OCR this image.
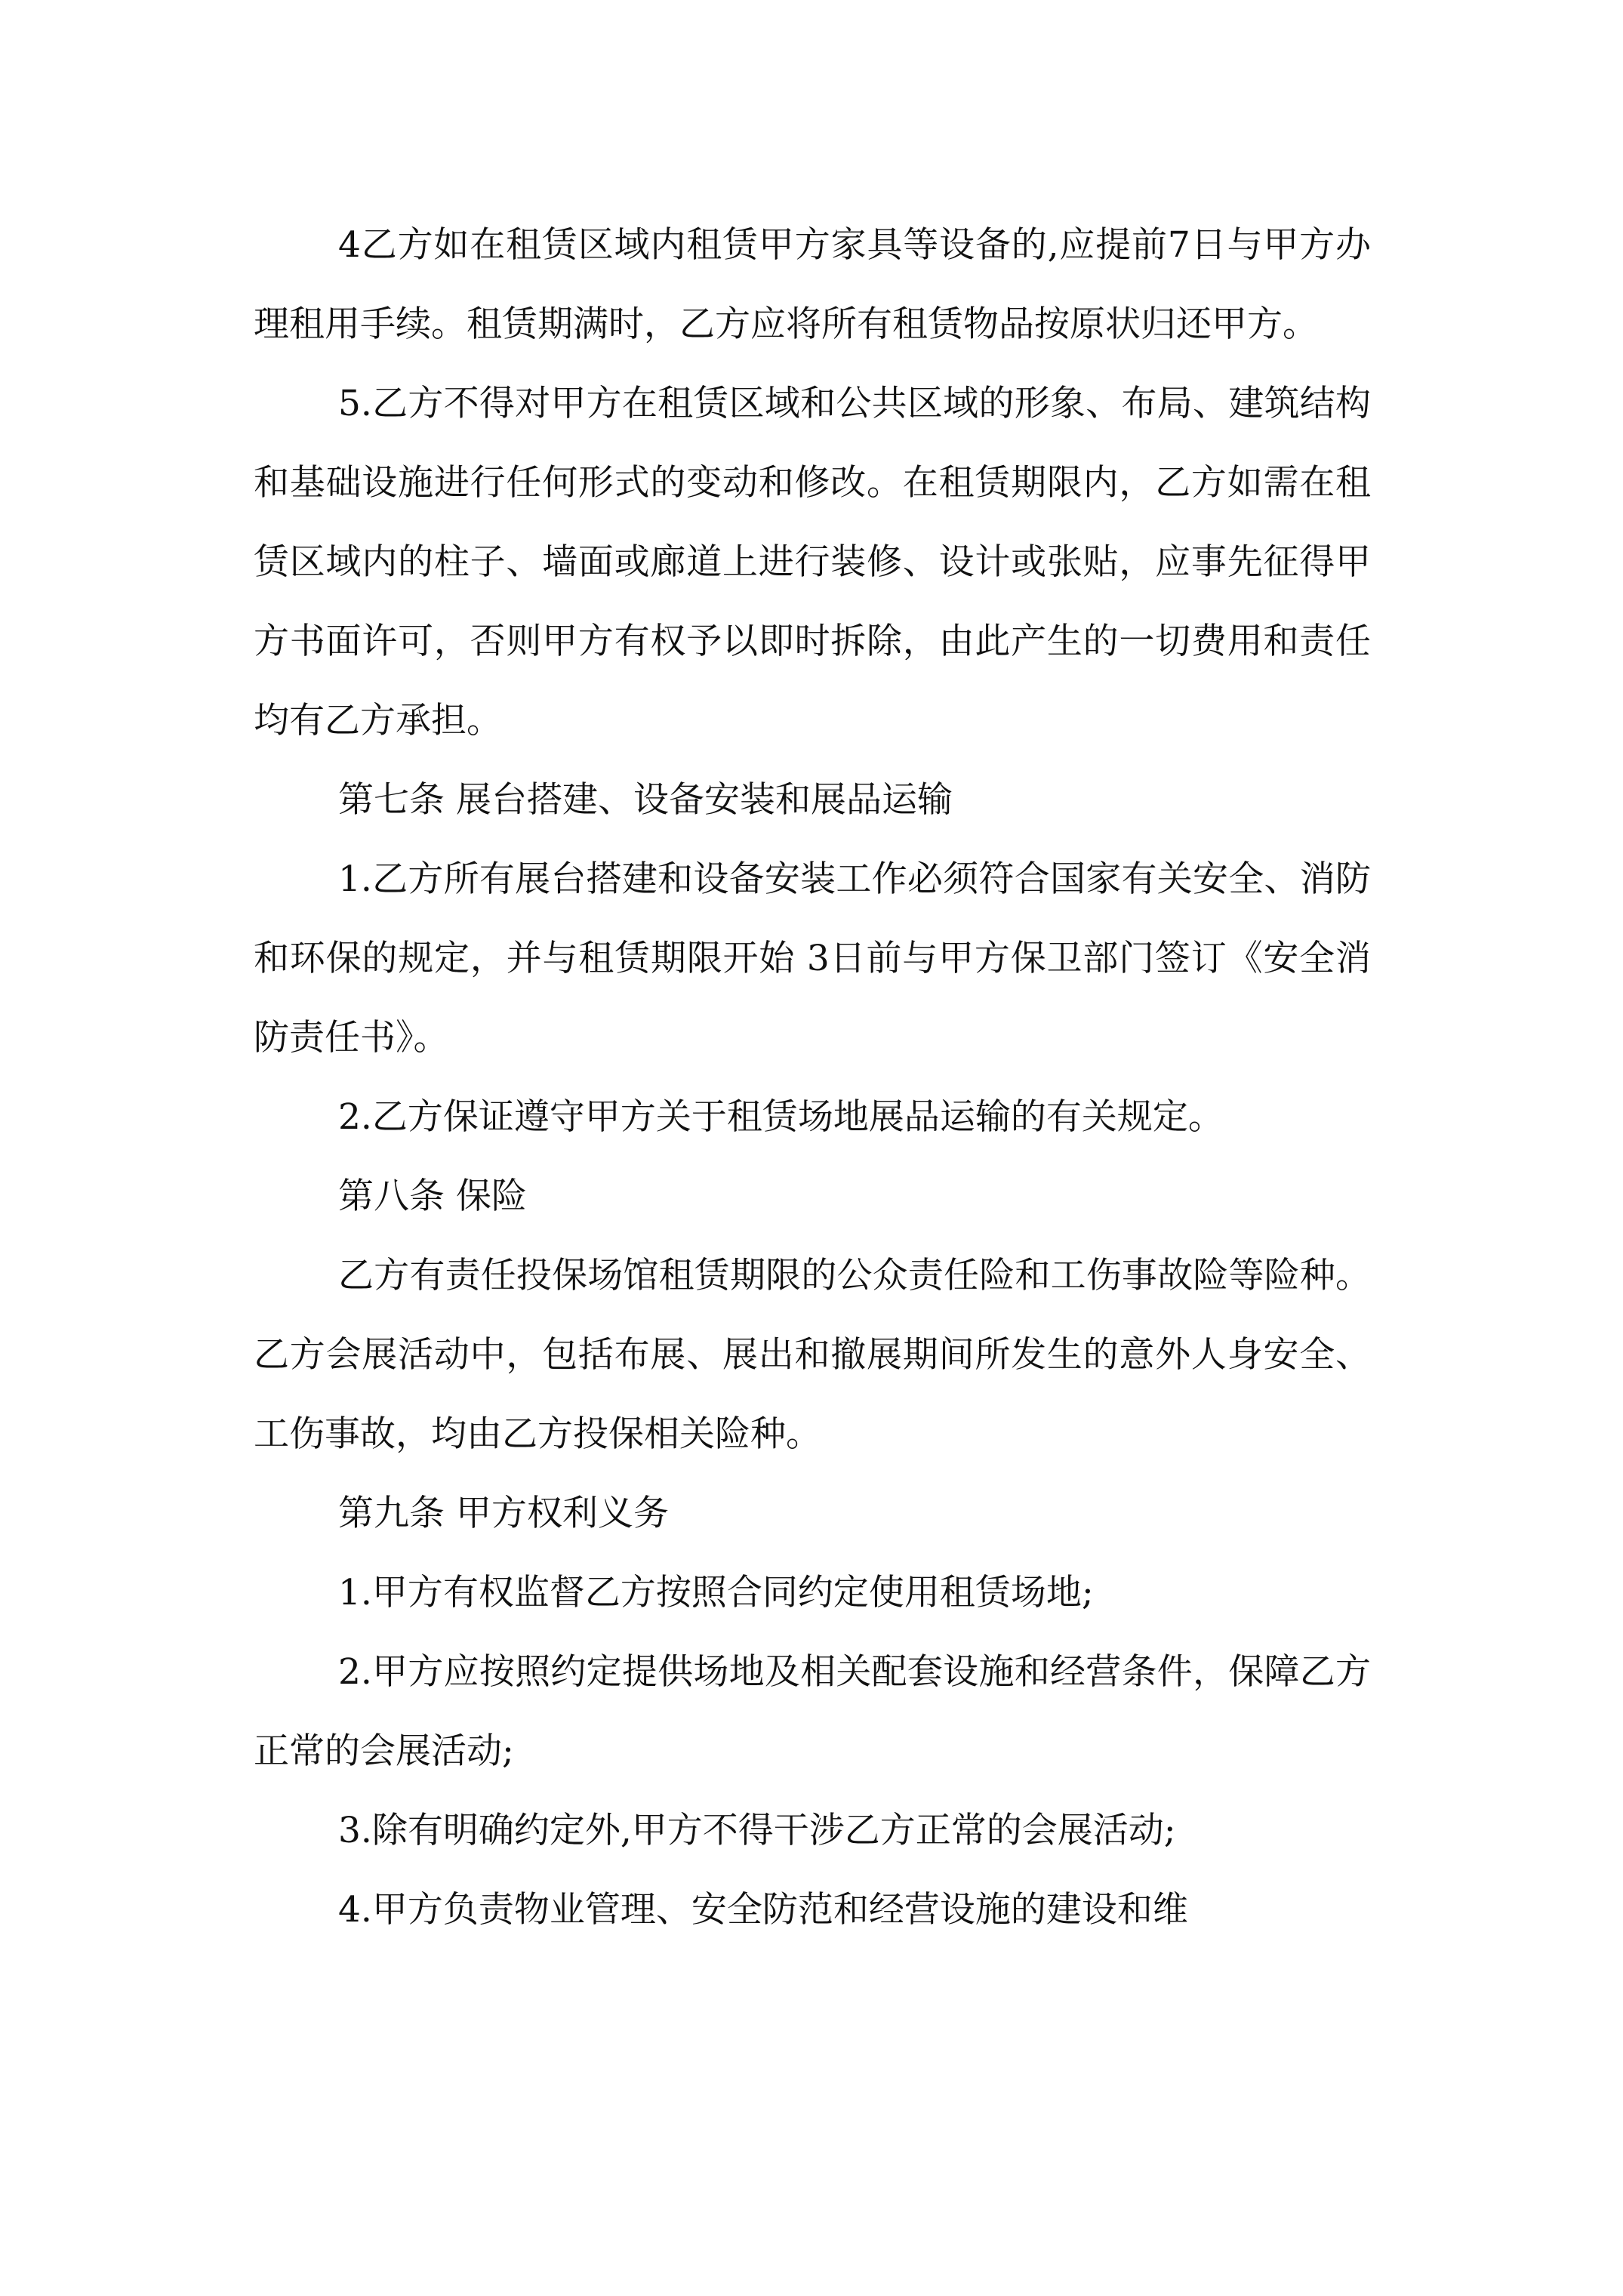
4乙方如在租赁区域内租赁甲方家具等设备的,应提前7日与甲方办理租用手续。租赁期满时，乙方应将所有租赁物品按原状归还甲方。

5.乙方不得对甲方在租赁区域和公共区域的形象、布局、建筑结构和基础设施进行任何形式的变动和修改。在租赁期限内，乙方如需在租赁区域内的柱子、墙面或廊道上进行装修、设计或张贴，应事先征得甲方书面许可，否则甲方有权予以即时拆除，由此产生的一切费用和责任均有乙方承担。

第七条 展台搭建、设备安装和展品运输

1.乙方所有展台搭建和设备安装工作必须符合国家有关安全、消防和环保的规定，并与租赁期限开始 3日前与甲方保卫部门签订《安全消防责任书》。

2.乙方保证遵守甲方关于租赁场地展品运输的有关规定。

第八条 保险

乙方有责任投保场馆租赁期限的公众责任险和工伤事故险等险种。乙方会展活动中，包括布展、展出和撤展期间所发生的意外人身安全、工伤事故，均由乙方投保相关险种。

第九条 甲方权利义务

1.甲方有权监督乙方按照合同约定使用租赁场地;

2.甲方应按照约定提供场地及相关配套设施和经营条件，保障乙方正常的会展活动;

3.除有明确约定外,甲方不得干涉乙方正常的会展活动;

4.甲方负责物业管理、安全防范和经营设施的建设和维
